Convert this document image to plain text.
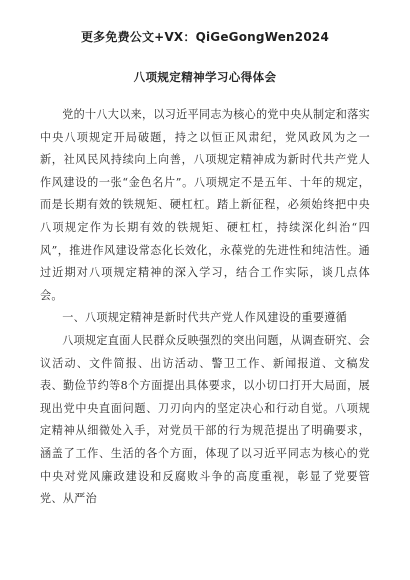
更多免费公文+VX：QiGeGongWen2024
八项规定精神学习心得体会

党的十八大以来，以习近平同志为核心的党中央从制定和落实中央八项规定开局破题，持之以恒正风肃纪，党风政风为之一新，社风民风持续向上向善，八项规定精神成为新时代共产党人作风建设的一张“金色名片”。八项规定不是五年、十年的规定，而是长期有效的铁规矩、硬杠杠。踏上新征程，必须始终把中央八项规定作为长期有效的铁规矩、硬杠杠，持续深化纠治“四风”，推进作风建设常态化长效化，永葆党的先进性和纯洁性。通过近期对八项规定精神的深入学习，结合工作实际，谈几点体会。

一、八项规定精神是新时代共产党人作风建设的重要遵循

八项规定直面人民群众反映强烈的突出问题，从调查研究、会议活动、文件简报、出访活动、警卫工作、新闻报道、文稿发表、勤俭节约等8个方面提出具体要求，以小切口打开大局面，展现出党中央直面问题、刀刃向内的坚定决心和行动自觉。八项规定精神从细微处入手，对党员干部的行为规范提出了明确要求，涵盖了工作、生活的各个方面，体现了以习近平同志为核心的党中央对党风廉政建设和反腐败斗争的高度重视，彰显了党要管党、从严治
